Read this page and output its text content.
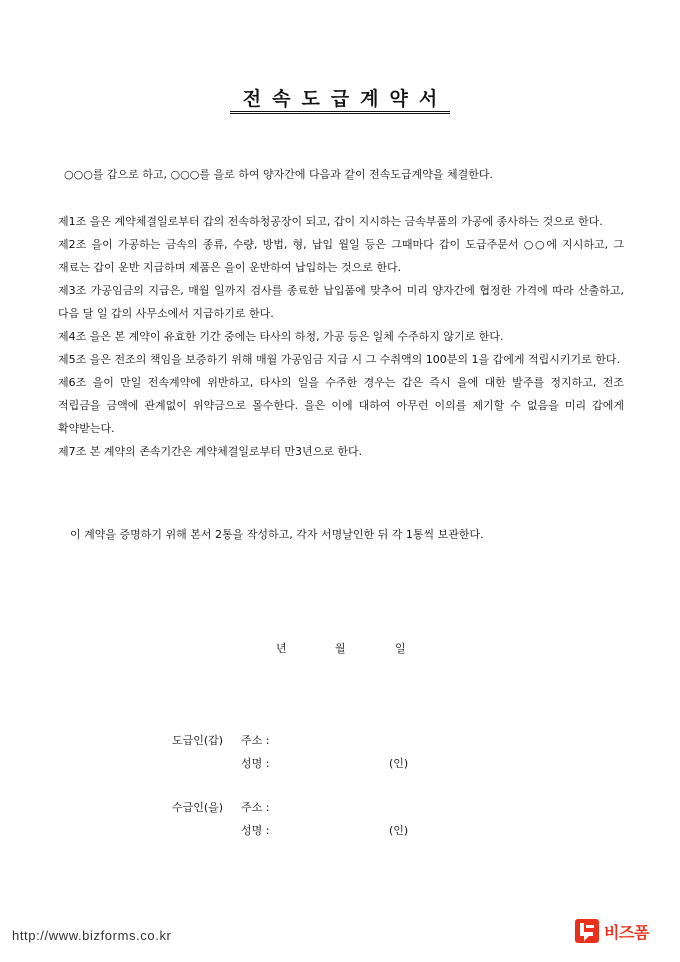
전속도급계약서
○○○를 갑으로 하고, ○○○를 을로 하여 양자간에 다음과 같이 전속도급계약을 체결한다.
제1조 을은 계약체결일로부터 갑의 전속하청공장이 되고, 갑이 지시하는 금속부품의 가공에 종사하는 것으로 한다.
제2조 을이 가공하는 금속의 종류, 수량, 방법, 형, 납입 월일 등은 그때마다 갑이 도급주문서 ○○에 지시하고, 그 재료는 갑이 운반 지급하며 제품은 을이 운반하여 납입하는 것으로 한다.
제3조 가공임금의 지급은, 매월 일까지 검사를 종료한 납입품에 맞추어 미리 양자간에 협정한 가격에 따라 산출하고, 다음 달 일 갑의 사무소에서 지급하기로 한다.
제4조 을은 본 계약이 유효한 기간 중에는 타사의 하청, 가공 등은 일체 수주하지 않기로 한다.
제5조 을은 전조의 책임을 보증하기 위해 매월 가공임금 지급 시 그 수취액의 100분의 1을 갑에게 적립시키기로 한다.
제6조 을이 만일 전속계약에 위반하고, 타사의 일을 수주한 경우는 갑은 즉시 을에 대한 발주를 정지하고, 전조 적립금을 금액에 관계없이 위약금으로 몰수한다. 을은 이에 대하여 아무런 이의를 제기할 수 없음을 미리 갑에게 확약받는다.
제7조 본 계약의 존속기간은 계약체결일로부터 만3년으로 한다.
이 계약을 증명하기 위해 본서 2통을 작성하고, 각자 서명날인한 뒤 각 1통씩 보관한다.
년	월	일
도급인(갑) 주소 :
성명 :	(인)
수급인(을) 주소 :
성명 :	(인)
http://www.bizforms.co.kr	비즈폼
